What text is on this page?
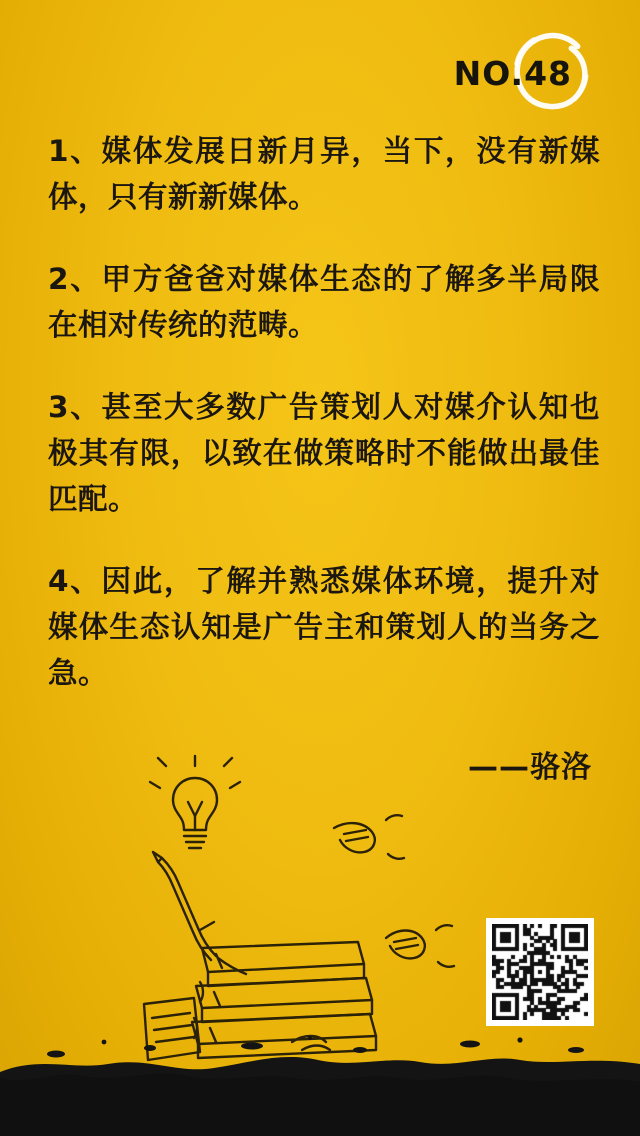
NO.48

1、媒体发展日新月异，当下，没有新媒体，只有新新媒体。

2、甲方爸爸对媒体生态的了解多半局限在相对传统的范畴。

3、甚至大多数广告策划人对媒介认知也极其有限，以致在做策略时不能做出最佳匹配。

4、因此，了解并熟悉媒体环境，提升对媒体生态认知是广告主和策划人的当务之急。

——骆洛
